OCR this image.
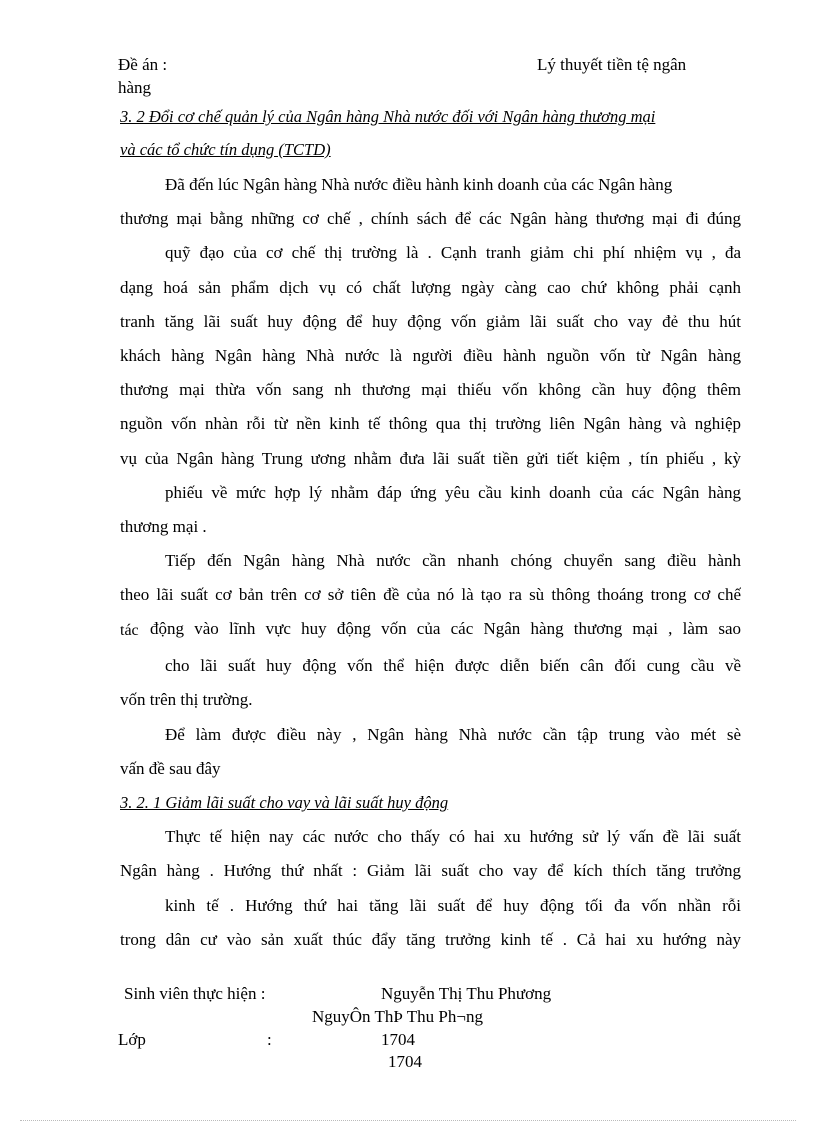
Đề án :	Lý thuyết tiền tệ ngân
hàng
3. 2 Đổi cơ chế quản lý của Ngân hàng Nhà nước đối với Ngân hàng thương mại
và các tổ chức tín dụng (TCTD)
Đã đến lúc Ngân hàng Nhà nước điều hành kinh doanh của các Ngân hàng
thương mại bằng những cơ chế , chính sách để các Ngân hàng thương mại đi đúng
quỹ đạo của cơ chế thị trường là . Cạnh tranh giảm chi phí nhiệm vụ , đa
dạng hoá sản phẩm dịch vụ có chất lượng ngày càng cao chứ không phải cạnh
tranh tăng lãi suất huy động để huy động vốn giảm lãi suất cho vay đẻ thu hút
khách hàng Ngân hàng Nhà nước là người điều hành nguồn vốn từ Ngân hàng
thương mại thừa vốn sang nh thương mại thiếu vốn không cần huy động thêm
nguồn vốn nhàn rỗi từ nền kinh tế thông qua thị trường liên Ngân hàng và nghiệp
vụ của Ngân hàng Trung ương nhằm đưa lãi suất tiền gửi tiết kiệm , tín phiếu , kỳ
phiếu về mức hợp lý nhằm đáp ứng yêu cầu kinh doanh của các Ngân hàng
thương mại .
Tiếp đến Ngân hàng Nhà nước cần nhanh chóng chuyển sang điều hành
theo lãi suất cơ bản trên cơ sở tiên đề của nó là tạo ra sù thông thoáng trong cơ chế
tác động vào lĩnh vực huy động vốn của các Ngân hàng thương mại , làm sao
cho lãi suất huy động vốn thể hiện được diễn biến cân đối cung cầu về
vốn trên thị trường.
Để làm được điều này , Ngân hàng Nhà nước cần tập trung vào mét sè
vấn đề sau đây
3. 2. 1 Giảm lãi suất cho vay và lãi suất huy động
Thực tế hiện nay các nước cho thấy có hai xu hướng sử lý vấn đề lãi suất
Ngân hàng . Hướng thứ nhất : Giảm lãi suất cho vay để kích thích tăng trưởng
kinh tế . Hướng thứ hai tăng lãi suất để huy động tối đa vốn nhần rỗi
trong dân cư vào sản xuất thúc đẩy tăng trưởng kinh tế . Cả hai xu hướng này
Sinh viên thực hiện :	Nguyễn Thị Thu Phương
NguyÔn ThÞ Thu Ph¬ng
Lớp	:	1704
1704
